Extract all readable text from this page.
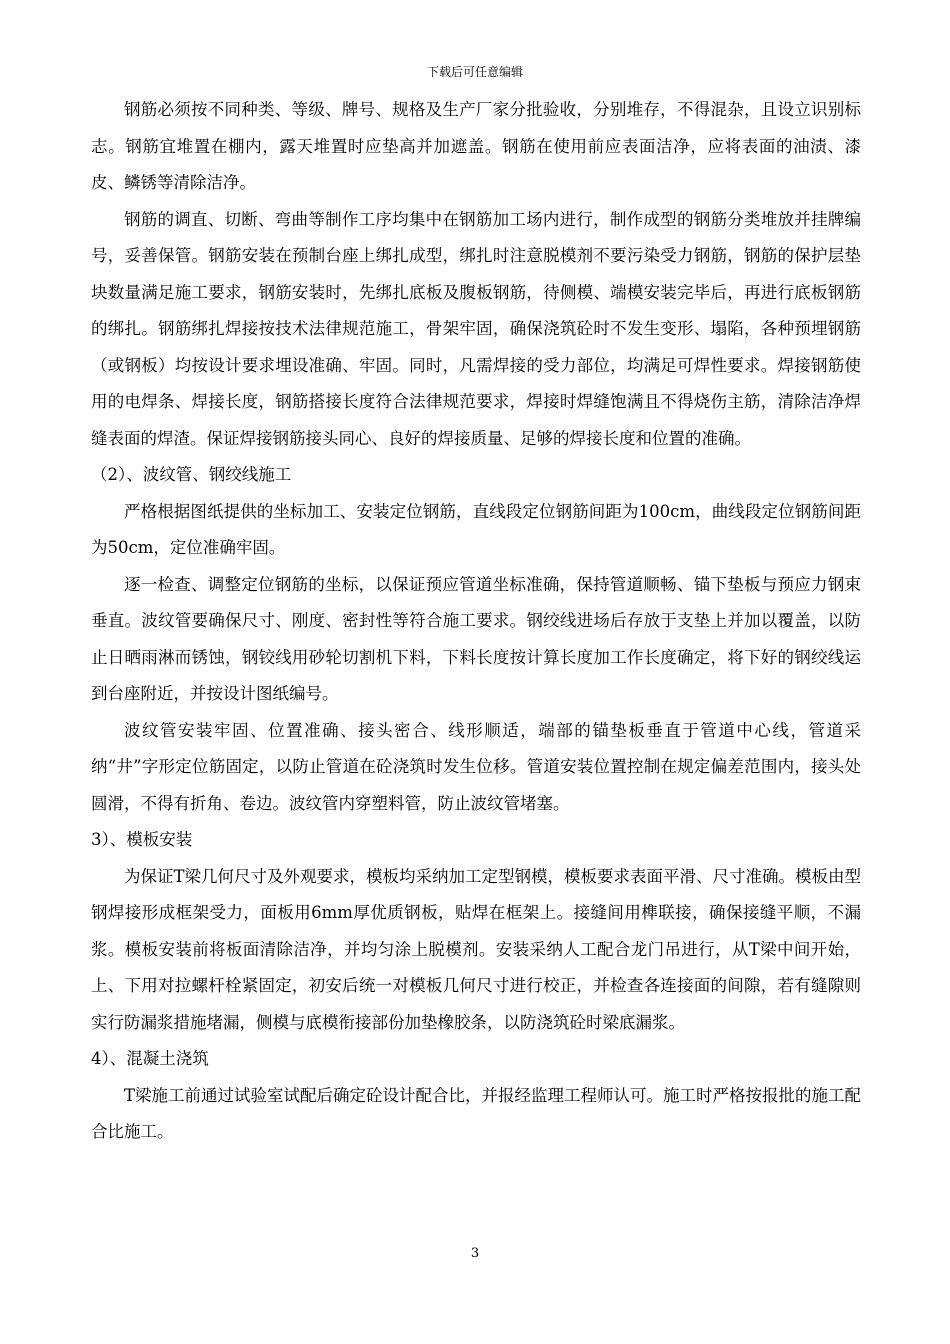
下载后可任意编辑

钢筋必须按不同种类、等级、牌号、规格及生产厂家分批验收，分别堆存，不得混杂，且设立识别标志。钢筋宜堆置在棚内，露天堆置时应垫高并加遮盖。钢筋在使用前应表面洁净，应将表面的油渍、漆皮、鳞锈等清除洁净。

钢筋的调直、切断、弯曲等制作工序均集中在钢筋加工场内进行，制作成型的钢筋分类堆放并挂牌编号，妥善保管。钢筋安装在预制台座上绑扎成型，绑扎时注意脱模剂不要污染受力钢筋，钢筋的保护层垫块数量满足施工要求，钢筋安装时，先绑扎底板及腹板钢筋，待侧模、端模安装完毕后，再进行底板钢筋的绑扎。钢筋绑扎焊接按技术法律规范施工，骨架牢固，确保浇筑砼时不发生变形、塌陷，各种预埋钢筋（或钢板）均按设计要求埋设准确、牢固。同时，凡需焊接的受力部位，均满足可焊性要求。焊接钢筋使用的电焊条、焊接长度，钢筋搭接长度符合法律规范要求，焊接时焊缝饱满且不得烧伤主筋，清除洁净焊缝表面的焊渣。保证焊接钢筋接头同心、良好的焊接质量、足够的焊接长度和位置的准确。

（2）、波纹管、钢绞线施工

严格根据图纸提供的坐标加工、安装定位钢筋，直线段定位钢筋间距为100cm，曲线段定位钢筋间距为50cm，定位准确牢固。

逐一检查、调整定位钢筋的坐标，以保证预应管道坐标准确，保持管道顺畅、锚下垫板与预应力钢束垂直。波纹管要确保尺寸、刚度、密封性等符合施工要求。钢绞线进场后存放于支垫上并加以覆盖，以防止日晒雨淋而锈蚀，钢铰线用砂轮切割机下料，下料长度按计算长度加工作长度确定，将下好的钢绞线运到台座附近，并按设计图纸编号。

波纹管安装牢固、位置准确、接头密合、线形顺适，端部的锚垫板垂直于管道中心线，管道采纳“井”字形定位筋固定，以防止管道在砼浇筑时发生位移。管道安装位置控制在规定偏差范围内，接头处圆滑，不得有折角、卷边。波纹管内穿塑料管，防止波纹管堵塞。

3）、模板安装

为保证T梁几何尺寸及外观要求，模板均采纳加工定型钢模，模板要求表面平滑、尺寸准确。模板由型钢焊接形成框架受力，面板用6mm厚优质钢板，贴焊在框架上。接缝间用榫联接，确保接缝平顺，不漏浆。模板安装前将板面清除洁净，并均匀涂上脱模剂。安装采纳人工配合龙门吊进行，从T梁中间开始，上、下用对拉螺杆栓紧固定，初安后统一对模板几何尺寸进行校正，并检查各连接面的间隙，若有缝隙则实行防漏浆措施堵漏，侧模与底模衔接部份加垫橡胶条，以防浇筑砼时梁底漏浆。

4）、混凝土浇筑

T梁施工前通过试验室试配后确定砼设计配合比，并报经监理工程师认可。施工时严格按报批的施工配合比施工。

3
